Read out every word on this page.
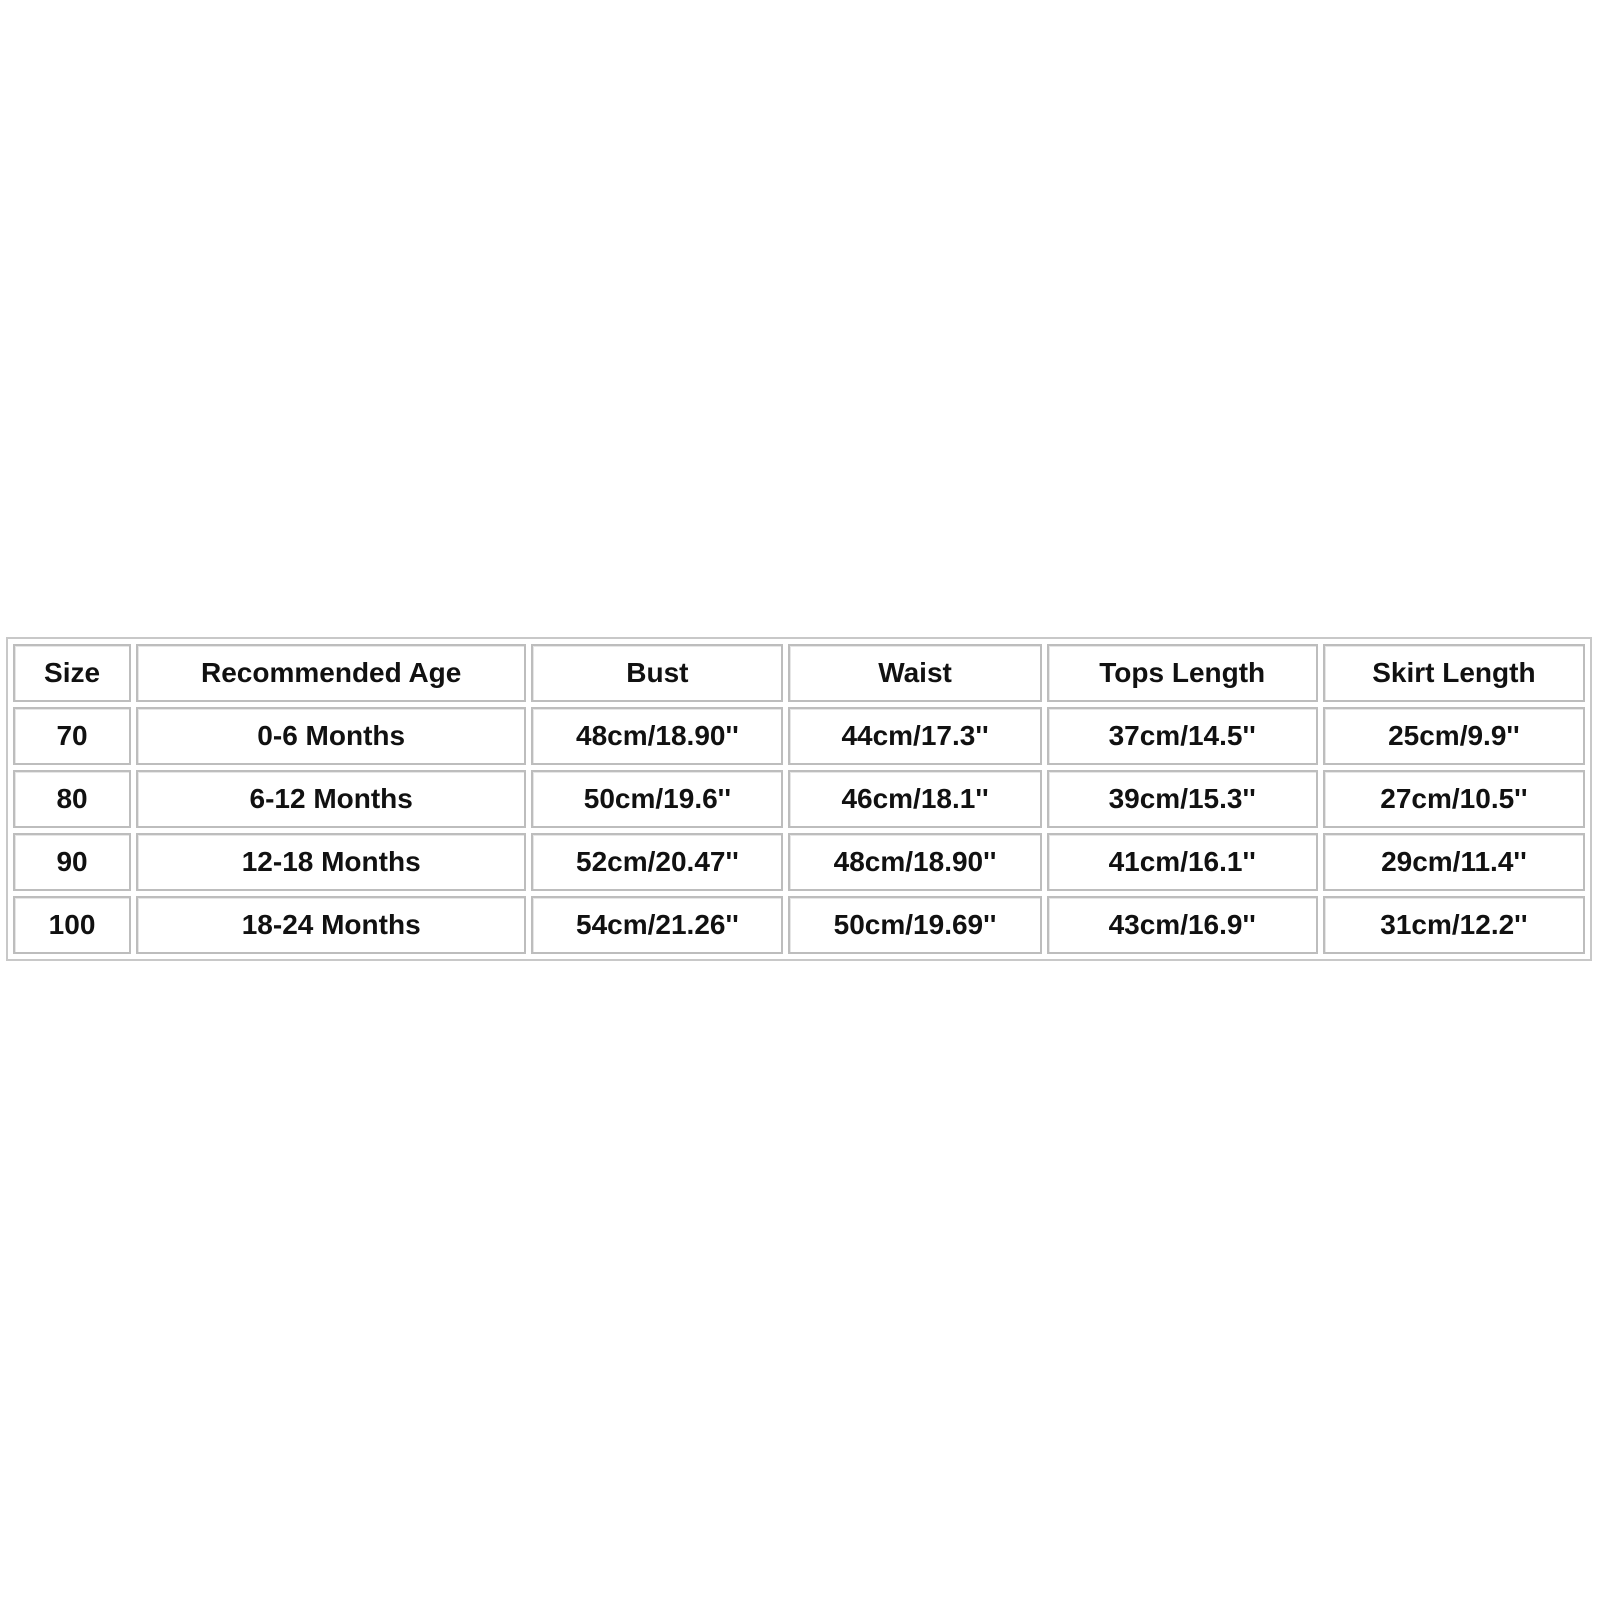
Size	Recommended Age	Bust	Waist	Tops Length	Skirt Length
70	0-6 Months	48cm/18.90''	44cm/17.3''	37cm/14.5''	25cm/9.9''
80	6-12 Months	50cm/19.6''	46cm/18.1''	39cm/15.3''	27cm/10.5''
90	12-18 Months	52cm/20.47''	48cm/18.90''	41cm/16.1''	29cm/11.4''
100	18-24 Months	54cm/21.26''	50cm/19.69''	43cm/16.9''	31cm/12.2''
